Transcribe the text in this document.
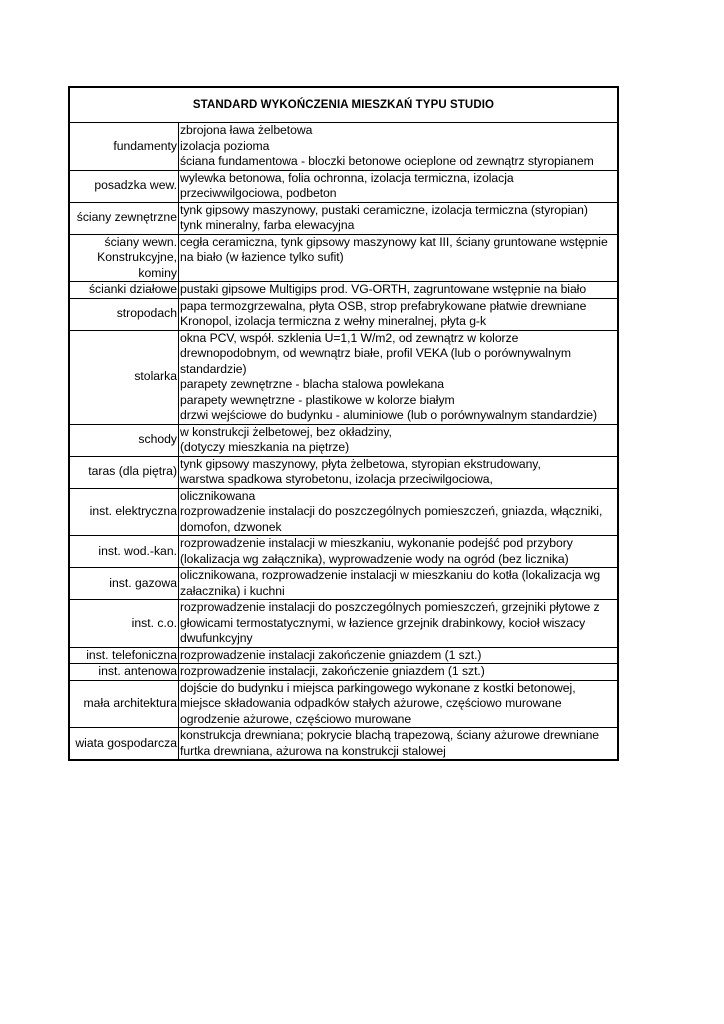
STANDARD WYKOŃCZENIA MIESZKAŃ TYPU STUDIO
fundamenty
zbrojona ława żelbetowa
izolacja pozioma
ściana fundamentowa - bloczki betonowe ocieplone od zewnątrz styropianem
posadzka wew.
wylewka betonowa, folia ochronna, izolacja termiczna, izolacja
przeciwwilgociowa, podbeton
ściany zewnętrzne
tynk gipsowy maszynowy, pustaki ceramiczne, izolacja termiczna (styropian)
tynk mineralny, farba elewacyjna
ściany wewn.
Konstrukcyjne,
kominy
cegła ceramiczna, tynk gipsowy maszynowy kat III, ściany gruntowane wstępnie
na biało (w łazience tylko sufit)
ścianki działowe pustaki gipsowe Multigips prod. VG-ORTH, zagruntowane wstępnie na biało
stropodach
papa termozgrzewalna, płyta OSB, strop prefabrykowane płatwie drewniane
Kronopol, izolacja termiczna z wełny mineralnej, płyta g-k
stolarka
okna PCV, współ. szklenia U=1,1 W/m2, od zewnątrz w kolorze
drewnopodobnym, od wewnątrz białe, profil VEKA (lub o porównywalnym
standardzie)
parapety zewnętrzne - blacha stalowa powlekana
parapety wewnętrzne - plastikowe w kolorze białym
drzwi wejściowe do budynku - aluminiowe (lub o porównywalnym standardzie)
schody
w konstrukcji żelbetowej, bez okładziny,
(dotyczy mieszkania na piętrze)
taras (dla piętra)
tynk gipsowy maszynowy, płyta żelbetowa, styropian ekstrudowany,
warstwa spadkowa styrobetonu, izolacja przeciwilgociowa,
inst. elektryczna
olicznikowana
rozprowadzenie instalacji do poszczególnych pomieszczeń, gniazda, włączniki,
domofon, dzwonek
inst. wod.-kan.
rozprowadzenie instalacji w mieszkaniu, wykonanie podejść pod przybory
(lokalizacja wg załącznika), wyprowadzenie wody na ogród (bez licznika)
inst. gazowa
olicznikowana, rozprowadzenie instalacji w mieszkaniu do kotła (lokalizacja wg
załacznika) i kuchni
inst. c.o.
rozprowadzenie instalacji do poszczególnych pomieszczeń, grzejniki płytowe z
głowicami termostatycznymi, w łazience grzejnik drabinkowy, kocioł wiszacy
dwufunkcyjny
inst. telefoniczna rozprowadzenie instalacji zakończenie gniazdem (1 szt.)
inst. antenowa rozprowadzenie instalacji, zakończenie gniazdem (1 szt.)
mała architektura
dojście do budynku i miejsca parkingowego wykonane z kostki betonowej,
miejsce składowania odpadków stałych ażurowe, częściowo murowane
ogrodzenie ażurowe, częściowo murowane
wiata gospodarcza
konstrukcja drewniana; pokrycie blachą trapezową, ściany ażurowe drewniane
furtka drewniana, ażurowa na konstrukcji stalowej
